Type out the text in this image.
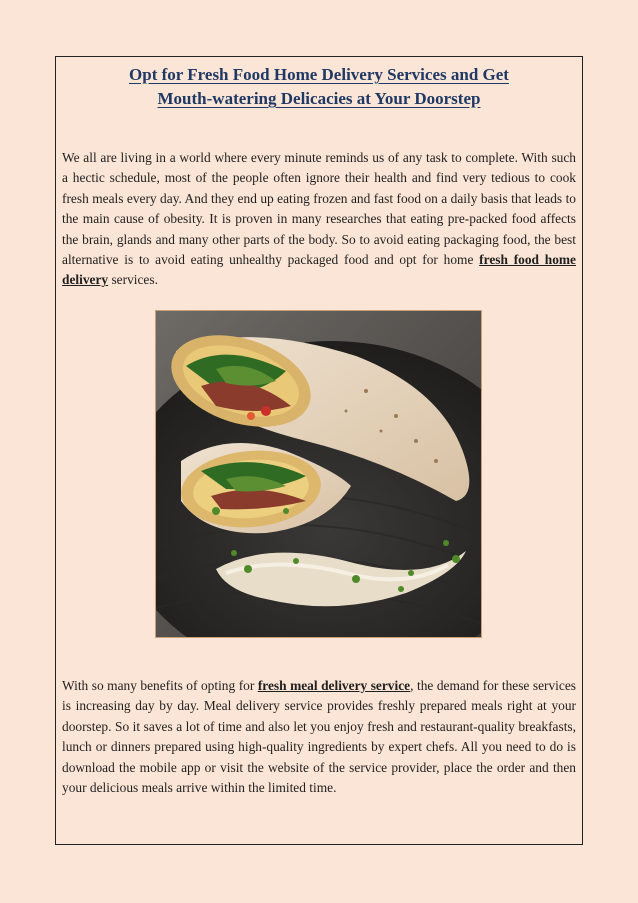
Opt for Fresh Food Home Delivery Services and Get
Mouth-watering Delicacies at Your Doorstep

We all are living in a world where every minute reminds us of any task to complete. With such a hectic schedule, most of the people often ignore their health and find very tedious to cook fresh meals every day. And they end up eating frozen and fast food on a daily basis that leads to the main cause of obesity. It is proven in many researches that eating pre-packed food affects the brain, glands and many other parts of the body. So to avoid eating packaging food, the best alternative is to avoid eating unhealthy packaged food and opt for home fresh food home delivery services.

With so many benefits of opting for fresh meal delivery service, the demand for these services is increasing day by day. Meal delivery service provides freshly prepared meals right at your doorstep. So it saves a lot of time and also let you enjoy fresh and restaurant-quality breakfasts, lunch or dinners prepared using high-quality ingredients by expert chefs. All you need to do is download the mobile app or visit the website of the service provider, place the order and then your delicious meals arrive within the limited time.
